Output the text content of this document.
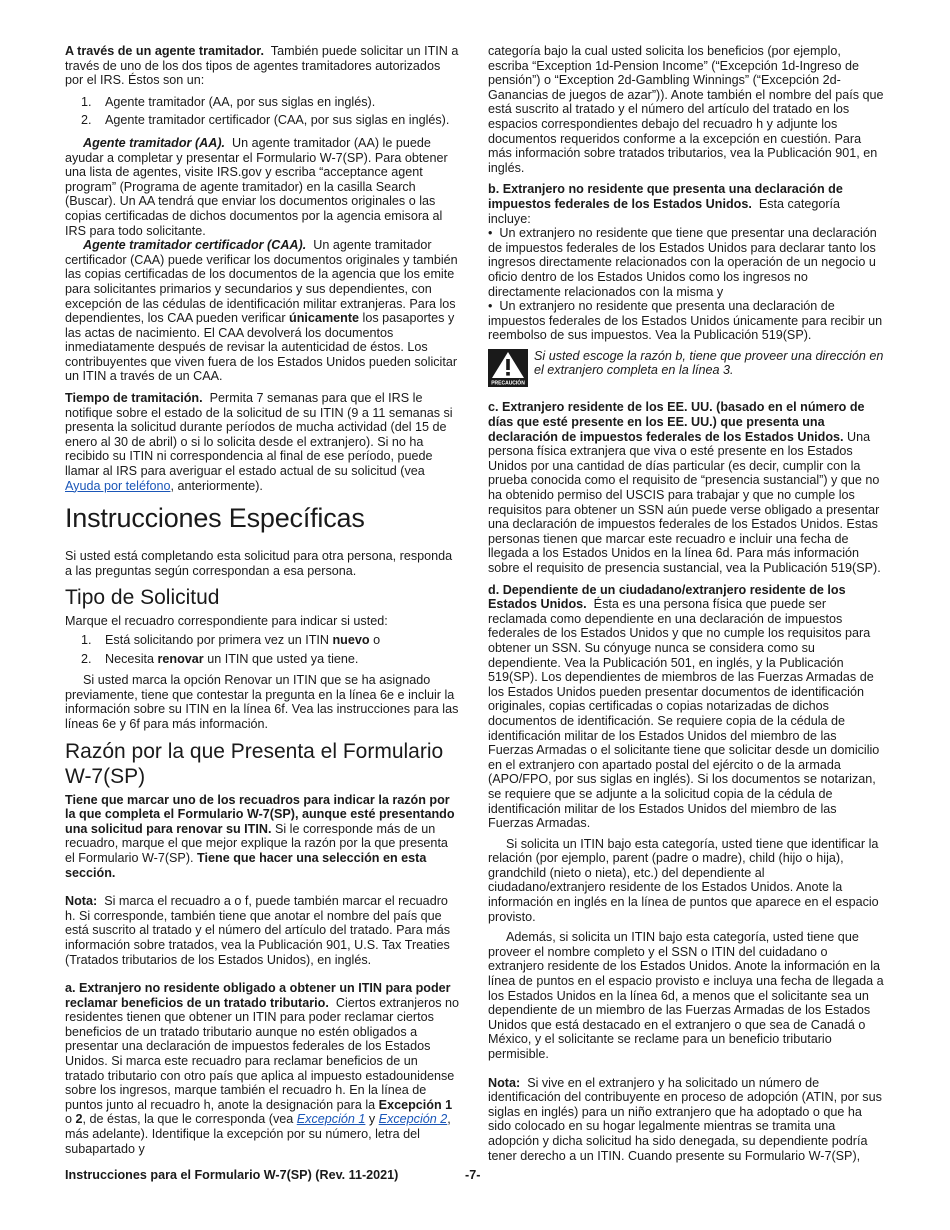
A través de un agente tramitador. También puede solicitar un ITIN a través de uno de los dos tipos de agentes tramitadores autorizados por el IRS. Éstos son un:

1. Agente tramitador (AA, por sus siglas en inglés).
2. Agente tramitador certificador (CAA, por sus siglas en inglés).

Agente tramitador (AA). Un agente tramitador (AA) le puede ayudar a completar y presentar el Formulario W-7(SP). Para obtener una lista de agentes, visite IRS.gov y escriba “acceptance agent program” (Programa de agente tramitador) en la casilla Search (Buscar). Un AA tendrá que enviar los documentos originales o las copias certificadas de dichos documentos por la agencia emisora al IRS para todo solicitante.

Agente tramitador certificador (CAA). Un agente tramitador certificador (CAA) puede verificar los documentos originales y también las copias certificadas de los documentos de la agencia que los emite para solicitantes primarios y secundarios y sus dependientes, con excepción de las cédulas de identificación militar extranjeras. Para los dependientes, los CAA pueden verificar únicamente los pasaportes y las actas de nacimiento. El CAA devolverá los documentos inmediatamente después de revisar la autenticidad de éstos. Los contribuyentes que viven fuera de los Estados Unidos pueden solicitar un ITIN a través de un CAA.

Tiempo de tramitación. Permita 7 semanas para que el IRS le notifique sobre el estado de la solicitud de su ITIN (9 a 11 semanas si presenta la solicitud durante períodos de mucha actividad (del 15 de enero al 30 de abril) o si lo solicita desde el extranjero). Si no ha recibido su ITIN ni correspondencia al final de ese período, puede llamar al IRS para averiguar el estado actual de su solicitud (vea Ayuda por teléfono, anteriormente).

Instrucciones Específicas

Si usted está completando esta solicitud para otra persona, responda a las preguntas según correspondan a esa persona.

Tipo de Solicitud

Marque el recuadro correspondiente para indicar si usted:

1. Está solicitando por primera vez un ITIN nuevo o
2. Necesita renovar un ITIN que usted ya tiene.

Si usted marca la opción Renovar un ITIN que se ha asignado previamente, tiene que contestar la pregunta en la línea 6e e incluir la información sobre su ITIN en la línea 6f. Vea las instrucciones para las líneas 6e y 6f para más información.

Razón por la que Presenta el Formulario W-7(SP)

Tiene que marcar uno de los recuadros para indicar la razón por la que completa el Formulario W-7(SP), aunque esté presentando una solicitud para renovar su ITIN. Si le corresponde más de un recuadro, marque el que mejor explique la razón por la que presenta el Formulario W-7(SP). Tiene que hacer una selección en esta sección.

Nota: Si marca el recuadro a o f, puede también marcar el recuadro h. Si corresponde, también tiene que anotar el nombre del país que está suscrito al tratado y el número del artículo del tratado. Para más información sobre tratados, vea la Publicación 901, U.S. Tax Treaties (Tratados tributarios de los Estados Unidos), en inglés.

a. Extranjero no residente obligado a obtener un ITIN para poder reclamar beneficios de un tratado tributario. Ciertos extranjeros no residentes tienen que obtener un ITIN para poder reclamar ciertos beneficios de un tratado tributario aunque no estén obligados a presentar una declaración de impuestos federales de los Estados Unidos. Si marca este recuadro para reclamar beneficios de un tratado tributario con otro país que aplica al impuesto estadounidense sobre los ingresos, marque también el recuadro h. En la línea de puntos junto al recuadro h, anote la designación para la Excepción 1 o 2, de éstas, la que le corresponda (vea Excepción 1 y Excepción 2, más adelante). Identifique la excepción por su número, letra del subapartado y

categoría bajo la cual usted solicita los beneficios (por ejemplo, escriba “Exception 1d-Pension Income” (“Excepción 1d-Ingreso de pensión”) o “Exception 2d-Gambling Winnings” (“Excepción 2d-Ganancias de juegos de azar”)). Anote también el nombre del país que está suscrito al tratado y el número del artículo del tratado en los espacios correspondientes debajo del recuadro h y adjunte los documentos requeridos conforme a la excepción en cuestión. Para más información sobre tratados tributarios, vea la Publicación 901, en inglés.

b. Extranjero no residente que presenta una declaración de impuestos federales de los Estados Unidos. Esta categoría incluye:

• Un extranjero no residente que tiene que presentar una declaración de impuestos federales de los Estados Unidos para declarar tanto los ingresos directamente relacionados con la operación de un negocio u oficio dentro de los Estados Unidos como los ingresos no directamente relacionados con la misma y

• Un extranjero no residente que presenta una declaración de impuestos federales de los Estados Unidos únicamente para recibir un reembolso de sus impuestos. Vea la Publicación 519(SP).

PRECAUCIÓN
Si usted escoge la razón b, tiene que proveer una dirección en el extranjero completa en la línea 3.

c. Extranjero residente de los EE. UU. (basado en el número de días que esté presente en los EE. UU.) que presenta una declaración de impuestos federales de los Estados Unidos. Una persona física extranjera que viva o esté presente en los Estados Unidos por una cantidad de días particular (es decir, cumplir con la prueba conocida como el requisito de “presencia sustancial”) y que no ha obtenido permiso del USCIS para trabajar y que no cumple los requisitos para obtener un SSN aún puede verse obligado a presentar una declaración de impuestos federales de los Estados Unidos. Estas personas tienen que marcar este recuadro e incluir una fecha de llegada a los Estados Unidos en la línea 6d. Para más información sobre el requisito de presencia sustancial, vea la Publicación 519(SP).

d. Dependiente de un ciudadano/extranjero residente de los Estados Unidos. Ésta es una persona física que puede ser reclamada como dependiente en una declaración de impuestos federales de los Estados Unidos y que no cumple los requisitos para obtener un SSN. Su cónyuge nunca se considera como su dependiente. Vea la Publicación 501, en inglés, y la Publicación 519(SP). Los dependientes de miembros de las Fuerzas Armadas de los Estados Unidos pueden presentar documentos de identificación originales, copias certificadas o copias notarizadas de dichos documentos de identificación. Se requiere copia de la cédula de identificación militar de los Estados Unidos del miembro de las Fuerzas Armadas o el solicitante tiene que solicitar desde un domicilio en el extranjero con apartado postal del ejército o de la armada (APO/FPO, por sus siglas en inglés). Si los documentos se notarizan, se requiere que se adjunte a la solicitud copia de la cédula de identificación militar de los Estados Unidos del miembro de las Fuerzas Armadas.

Si solicita un ITIN bajo esta categoría, usted tiene que identificar la relación (por ejemplo, parent (padre o madre), child (hijo o hija), grandchild (nieto o nieta), etc.) del dependiente al ciudadano/extranjero residente de los Estados Unidos. Anote la información en inglés en la línea de puntos que aparece en el espacio provisto.

Además, si solicita un ITIN bajo esta categoría, usted tiene que proveer el nombre completo y el SSN o ITIN del cuidadano o extranjero residente de los Estados Unidos. Anote la información en la línea de puntos en el espacio provisto e incluya una fecha de llegada a los Estados Unidos en la línea 6d, a menos que el solicitante sea un dependiente de un miembro de las Fuerzas Armadas de los Estados Unidos que está destacado en el extranjero o que sea de Canadá o México, y el solicitante se reclame para un beneficio tributario permisible.

Nota: Si vive en el extranjero y ha solicitado un número de identificación del contribuyente en proceso de adopción (ATIN, por sus siglas en inglés) para un niño extranjero que ha adoptado o que ha sido colocado en su hogar legalmente mientras se tramita una adopción y dicha solicitud ha sido denegada, su dependiente podría tener derecho a un ITIN. Cuando presente su Formulario W-7(SP),

Instrucciones para el Formulario W-7(SP) (Rev. 11-2021)	-7-
